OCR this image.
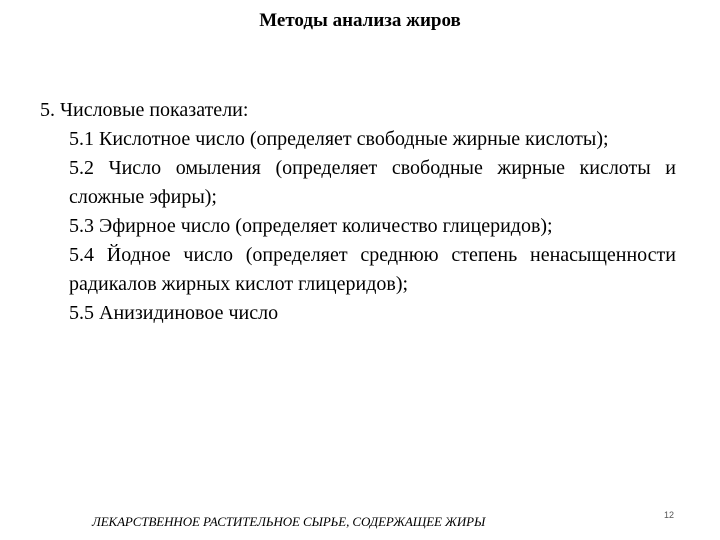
Методы анализа жиров

5. Числовые показатели:

5.1 Кислотное число (определяет свободные жирные кислоты);

5.2 Число омыления (определяет свободные жирные кислоты и сложные эфиры);

5.3 Эфирное число (определяет количество глицеридов);

5.4 Йодное число (определяет среднюю степень ненасыщенности радикалов жирных кислот глицеридов);

5.5 Анизидиновое число

ЛЕКАРСТВЕННОЕ РАСТИТЕЛЬНОЕ СЫРЬЕ, СОДЕРЖАЩЕЕ ЖИРЫ	12
